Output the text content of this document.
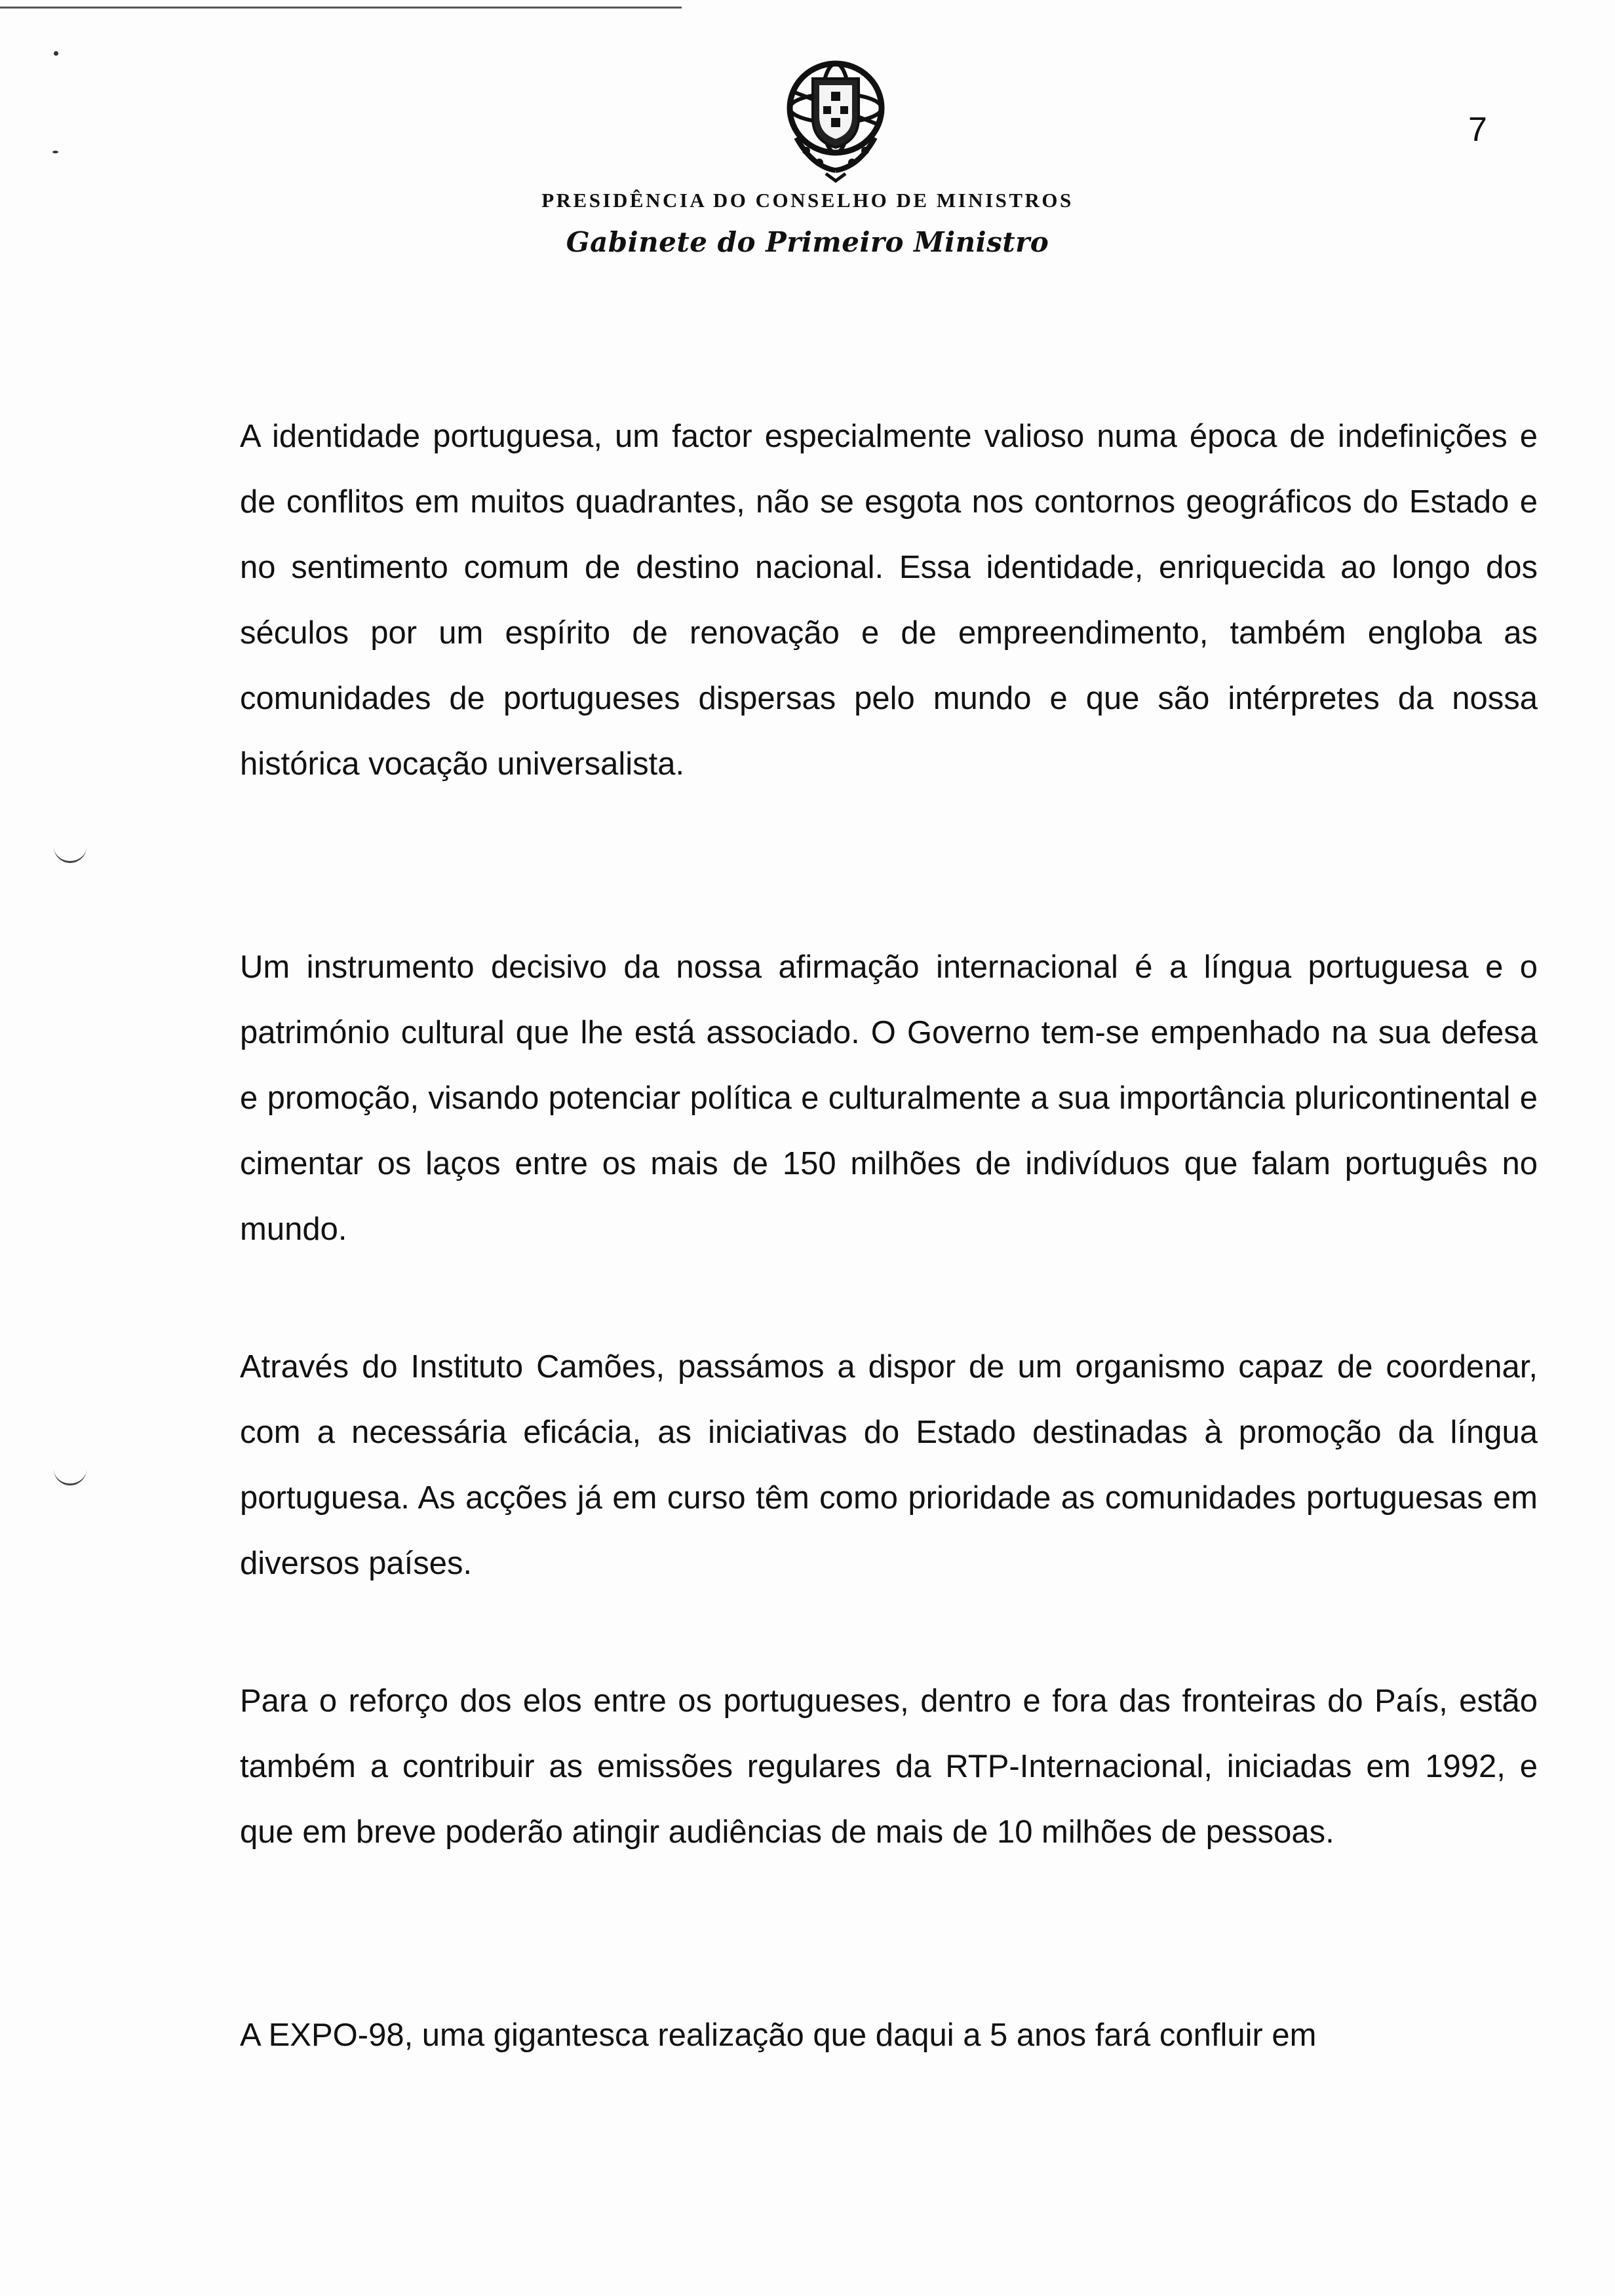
7
PRESIDÊNCIA DO CONSELHO DE MINISTROS
Gabinete do Primeiro Ministro

A identidade portuguesa, um factor especialmente valioso numa época de indefinições e de conflitos em muitos quadrantes, não se esgota nos contornos geográficos do Estado e no sentimento comum de destino nacional. Essa identidade, enriquecida ao longo dos séculos por um espírito de renovação e de empreendimento, também engloba as comunidades de portugueses dispersas pelo mundo e que são intérpretes da nossa histórica vocação universalista.

Um instrumento decisivo da nossa afirmação internacional é a língua portuguesa e o património cultural que lhe está associado. O Governo tem-se empenhado na sua defesa e promoção, visando potenciar política e culturalmente a sua importância pluricontinental e cimentar os laços entre os mais de 150 milhões de indivíduos que falam português no mundo.

Através do Instituto Camões, passámos a dispor de um organismo capaz de coordenar, com a necessária eficácia, as iniciativas do Estado destinadas à promoção da língua portuguesa. As acções já em curso têm como prioridade as comunidades portuguesas em diversos países.

Para o reforço dos elos entre os portugueses, dentro e fora das fronteiras do País, estão também a contribuir as emissões regulares da RTP-Internacional, iniciadas em 1992, e que em breve poderão atingir audiências de mais de 10 milhões de pessoas.

A EXPO-98, uma gigantesca realização que daqui a 5 anos fará confluir em
